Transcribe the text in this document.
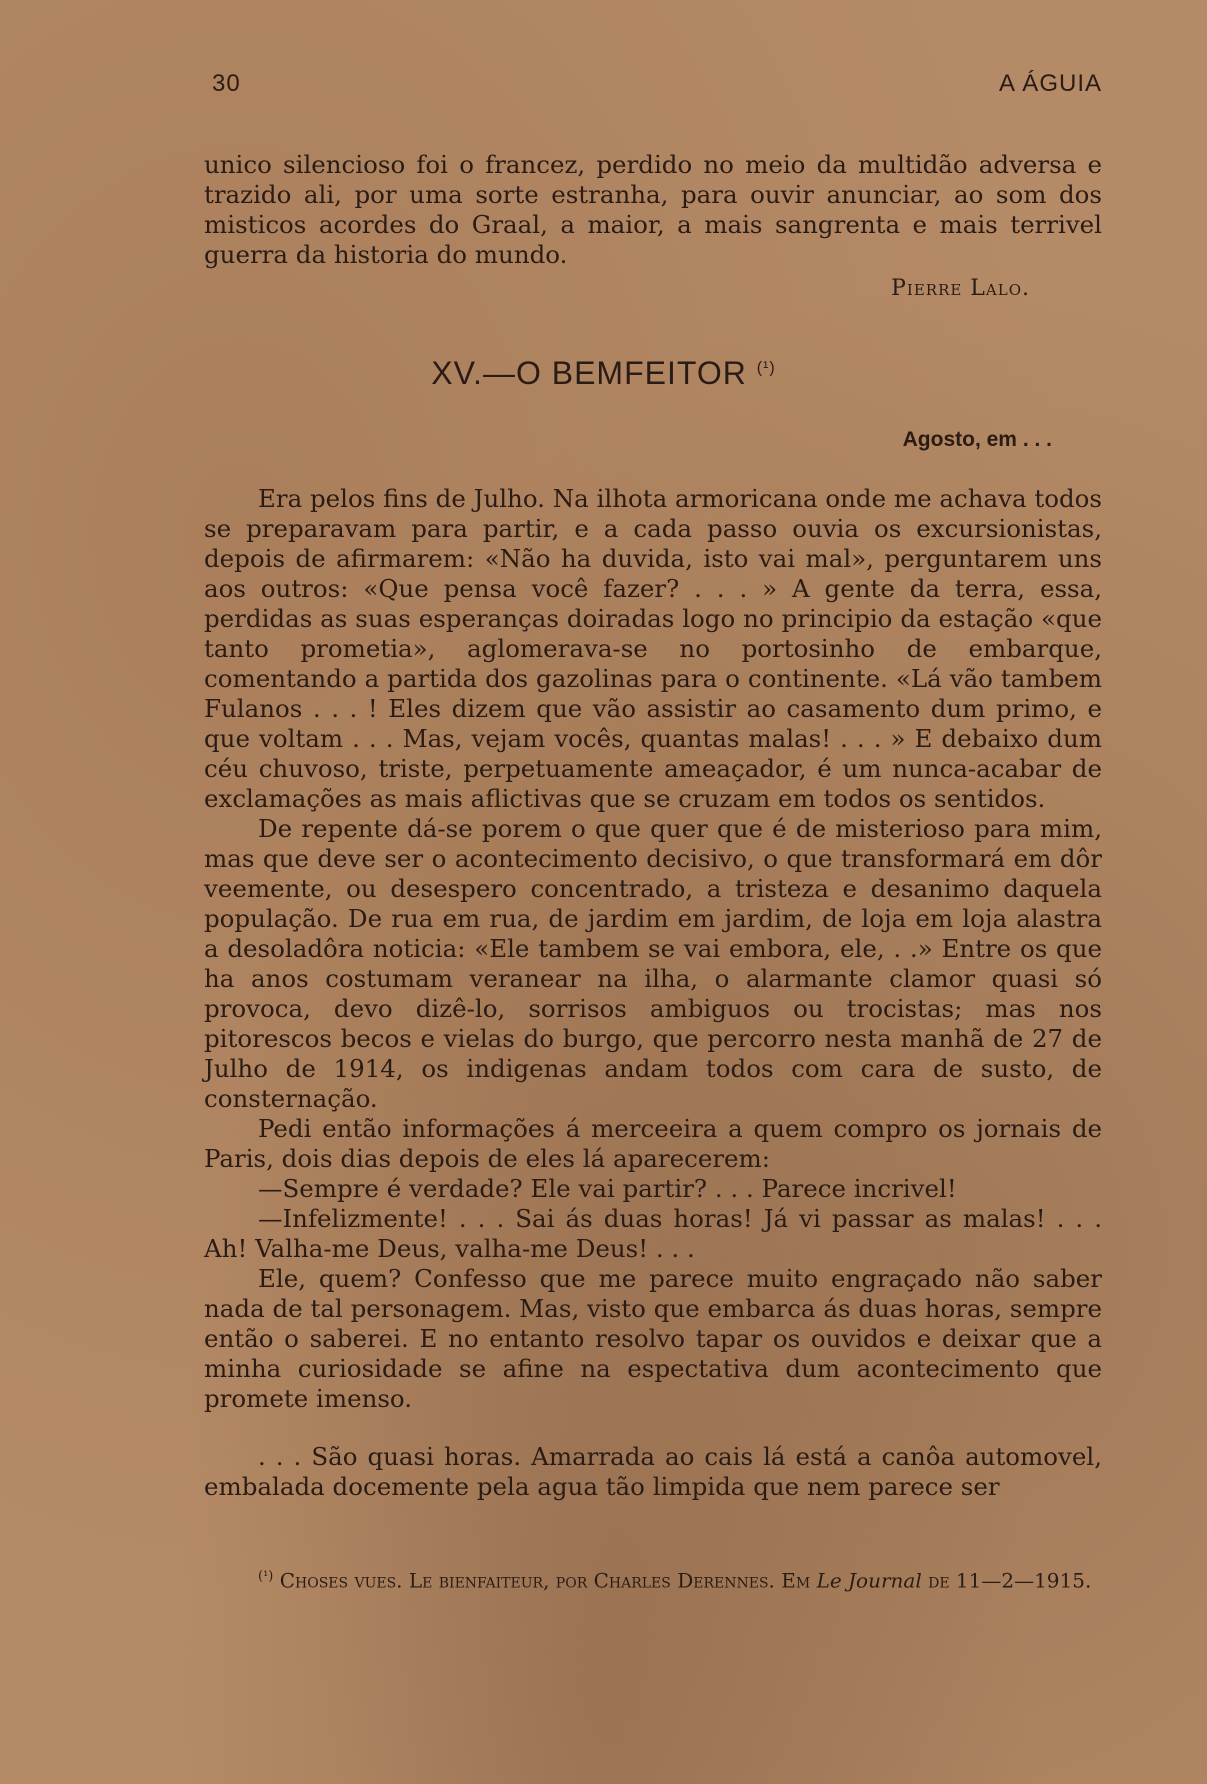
30	A ÁGUIA

unico silencioso foi o francez, perdido no meio da multidão adversa e trazido ali, por uma sorte estranha, para ouvir anunciar, ao som dos misticos acordes do Graal, a maior, a mais sangrenta e mais terrivel guerra da historia do mundo.

Pierre Lalo.
XV.—O BEMFEITOR $^{(^1)}$
Agosto, em . . .

Era pelos fins de Julho. Na ilhota armoricana onde me achava todos se preparavam para partir, e a cada passo ouvia os excursionistas, depois de afirmarem: «Não ha duvida, isto vai mal», perguntarem uns aos outros: «Que pensa você fazer? . . . » A gente da terra, essa, perdidas as suas esperanças doiradas logo no principio da estação «que tanto prometia», aglomerava-se no portosinho de embarque, comentando a partida dos gazolinas para o continente. «Lá vão tambem Fulanos . . . ! Eles dizem que vão assistir ao casamento dum primo, e que voltam . . . Mas, vejam vocês, quantas malas! . . . » E debaixo dum céu chuvoso, triste, perpetuamente ameaçador, é um nunca-acabar de exclamações as mais aflictivas que se cruzam em todos os sentidos.

De repente dá-se porem o que quer que é de misterioso para mim, mas que deve ser o acontecimento decisivo, o que transformará em dôr veemente, ou desespero concentrado, a tristeza e desanimo daquela população. De rua em rua, de jardim em jardim, de loja em loja alastra a desoladôra noticia: «Ele tambem se vai embora, ele, . .» Entre os que ha anos costumam veranear na ilha, o alarmante clamor quasi só provoca, devo dizê-lo, sorrisos ambiguos ou trocistas; mas nos pitorescos becos e vielas do burgo, que percorro nesta manhã de 27 de Julho de 1914, os indigenas andam todos com cara de susto, de consternação.

Pedi então informações á merceeira a quem compro os jornais de Paris, dois dias depois de eles lá aparecerem:

—Sempre é verdade? Ele vai partir? . . . Parece incrivel!

—Infelizmente! . . . Sai ás duas horas! Já vi passar as malas! . . . Ah! Valha-me Deus, valha-me Deus! . . .

Ele, quem? Confesso que me parece muito engraçado não saber nada de tal personagem. Mas, visto que embarca ás duas horas, sempre então o saberei. E no entanto resolvo tapar os ouvidos e deixar que a minha curiosidade se afine na espectativa dum acontecimento que promete imenso.

. . . São quasi horas. Amarrada ao cais lá está a canôa automovel, embalada docemente pela agua tão limpida que nem parece ser

$^{(^1)}$ Choses vues. Le bienfaiteur, por Charles Derennes. Em Le Journal de 11—2—1915.
